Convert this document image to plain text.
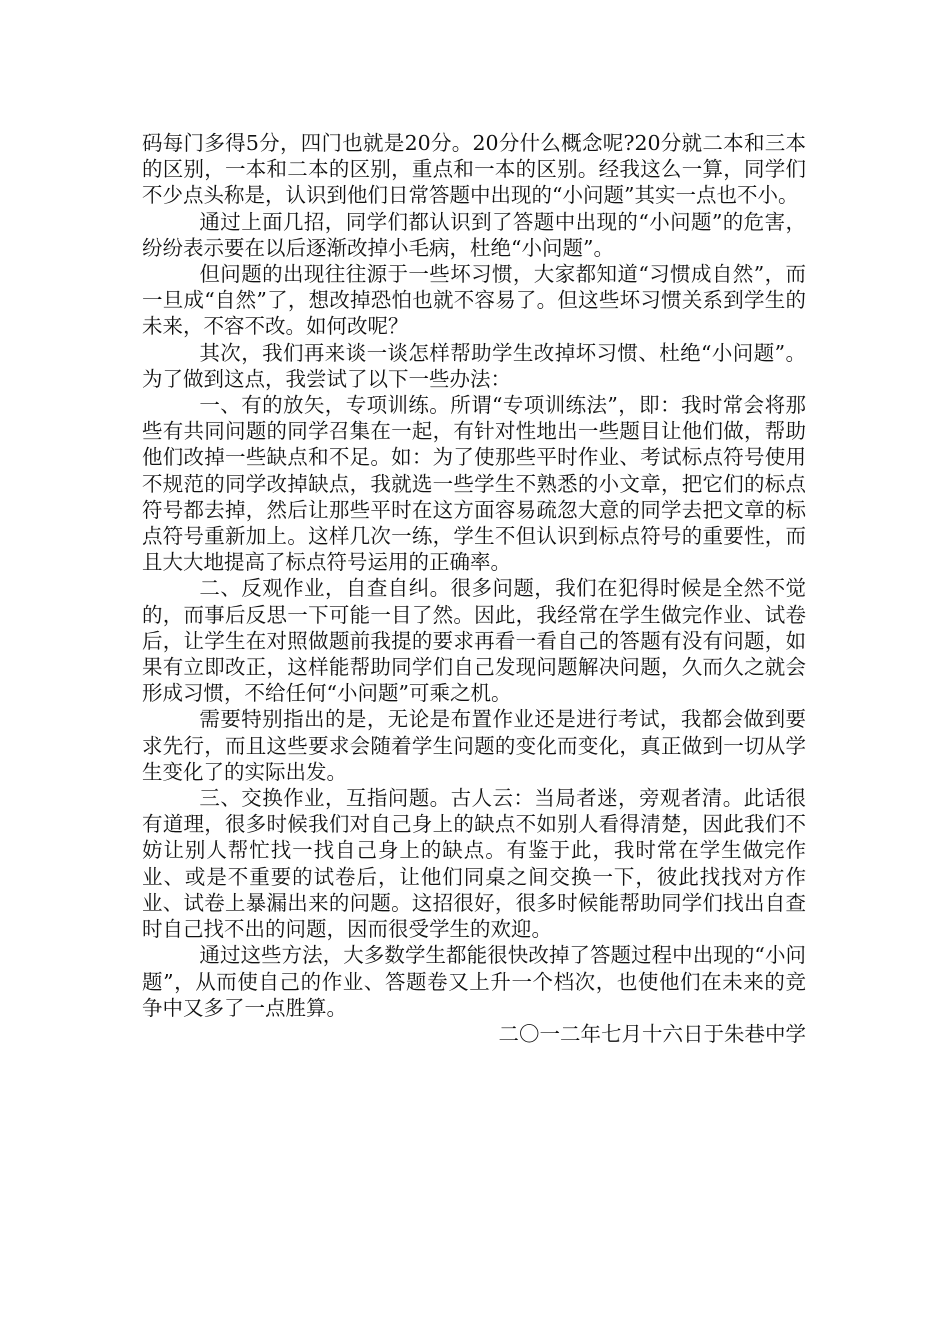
码每门多得5分，四门也就是20分。20分什么概念呢?20分就二本和三本的区别，一本和二本的区别，重点和一本的区别。经我这么一算，同学们不少点头称是，认识到他们日常答题中出现的“小问题”其实一点也不小。

通过上面几招，同学们都认识到了答题中出现的“小问题”的危害，纷纷表示要在以后逐渐改掉小毛病，杜绝“小问题”。

但问题的出现往往源于一些坏习惯，大家都知道“习惯成自然”，而一旦成“自然”了，想改掉恐怕也就不容易了。但这些坏习惯关系到学生的未来，不容不改。如何改呢？

其次，我们再来谈一谈怎样帮助学生改掉坏习惯、杜绝“小问题”。为了做到这点，我尝试了以下一些办法：

一、有的放矢，专项训练。所谓“专项训练法”，即：我时常会将那些有共同问题的同学召集在一起，有针对性地出一些题目让他们做，帮助他们改掉一些缺点和不足。如：为了使那些平时作业、考试标点符号使用不规范的同学改掉缺点，我就选一些学生不熟悉的小文章，把它们的标点符号都去掉，然后让那些平时在这方面容易疏忽大意的同学去把文章的标点符号重新加上。这样几次一练，学生不但认识到标点符号的重要性，而且大大地提高了标点符号运用的正确率。

二、反观作业，自查自纠。很多问题，我们在犯得时候是全然不觉的，而事后反思一下可能一目了然。因此，我经常在学生做完作业、试卷后，让学生在对照做题前我提的要求再看一看自己的答题有没有问题，如果有立即改正，这样能帮助同学们自己发现问题解决问题，久而久之就会形成习惯，不给任何“小问题”可乘之机。

需要特别指出的是，无论是布置作业还是进行考试，我都会做到要求先行，而且这些要求会随着学生问题的变化而变化，真正做到一切从学生变化了的实际出发。

三、交换作业，互指问题。古人云：当局者迷，旁观者清。此话很有道理，很多时候我们对自己身上的缺点不如别人看得清楚，因此我们不妨让别人帮忙找一找自己身上的缺点。有鉴于此，我时常在学生做完作业、或是不重要的试卷后，让他们同桌之间交换一下，彼此找找对方作业、试卷上暴漏出来的问题。这招很好，很多时候能帮助同学们找出自查时自己找不出的问题，因而很受学生的欢迎。

通过这些方法，大多数学生都能很快改掉了答题过程中出现的“小问题”，从而使自己的作业、答题卷又上升一个档次，也使他们在未来的竞争中又多了一点胜算。

二〇一二年七月十六日于朱巷中学
